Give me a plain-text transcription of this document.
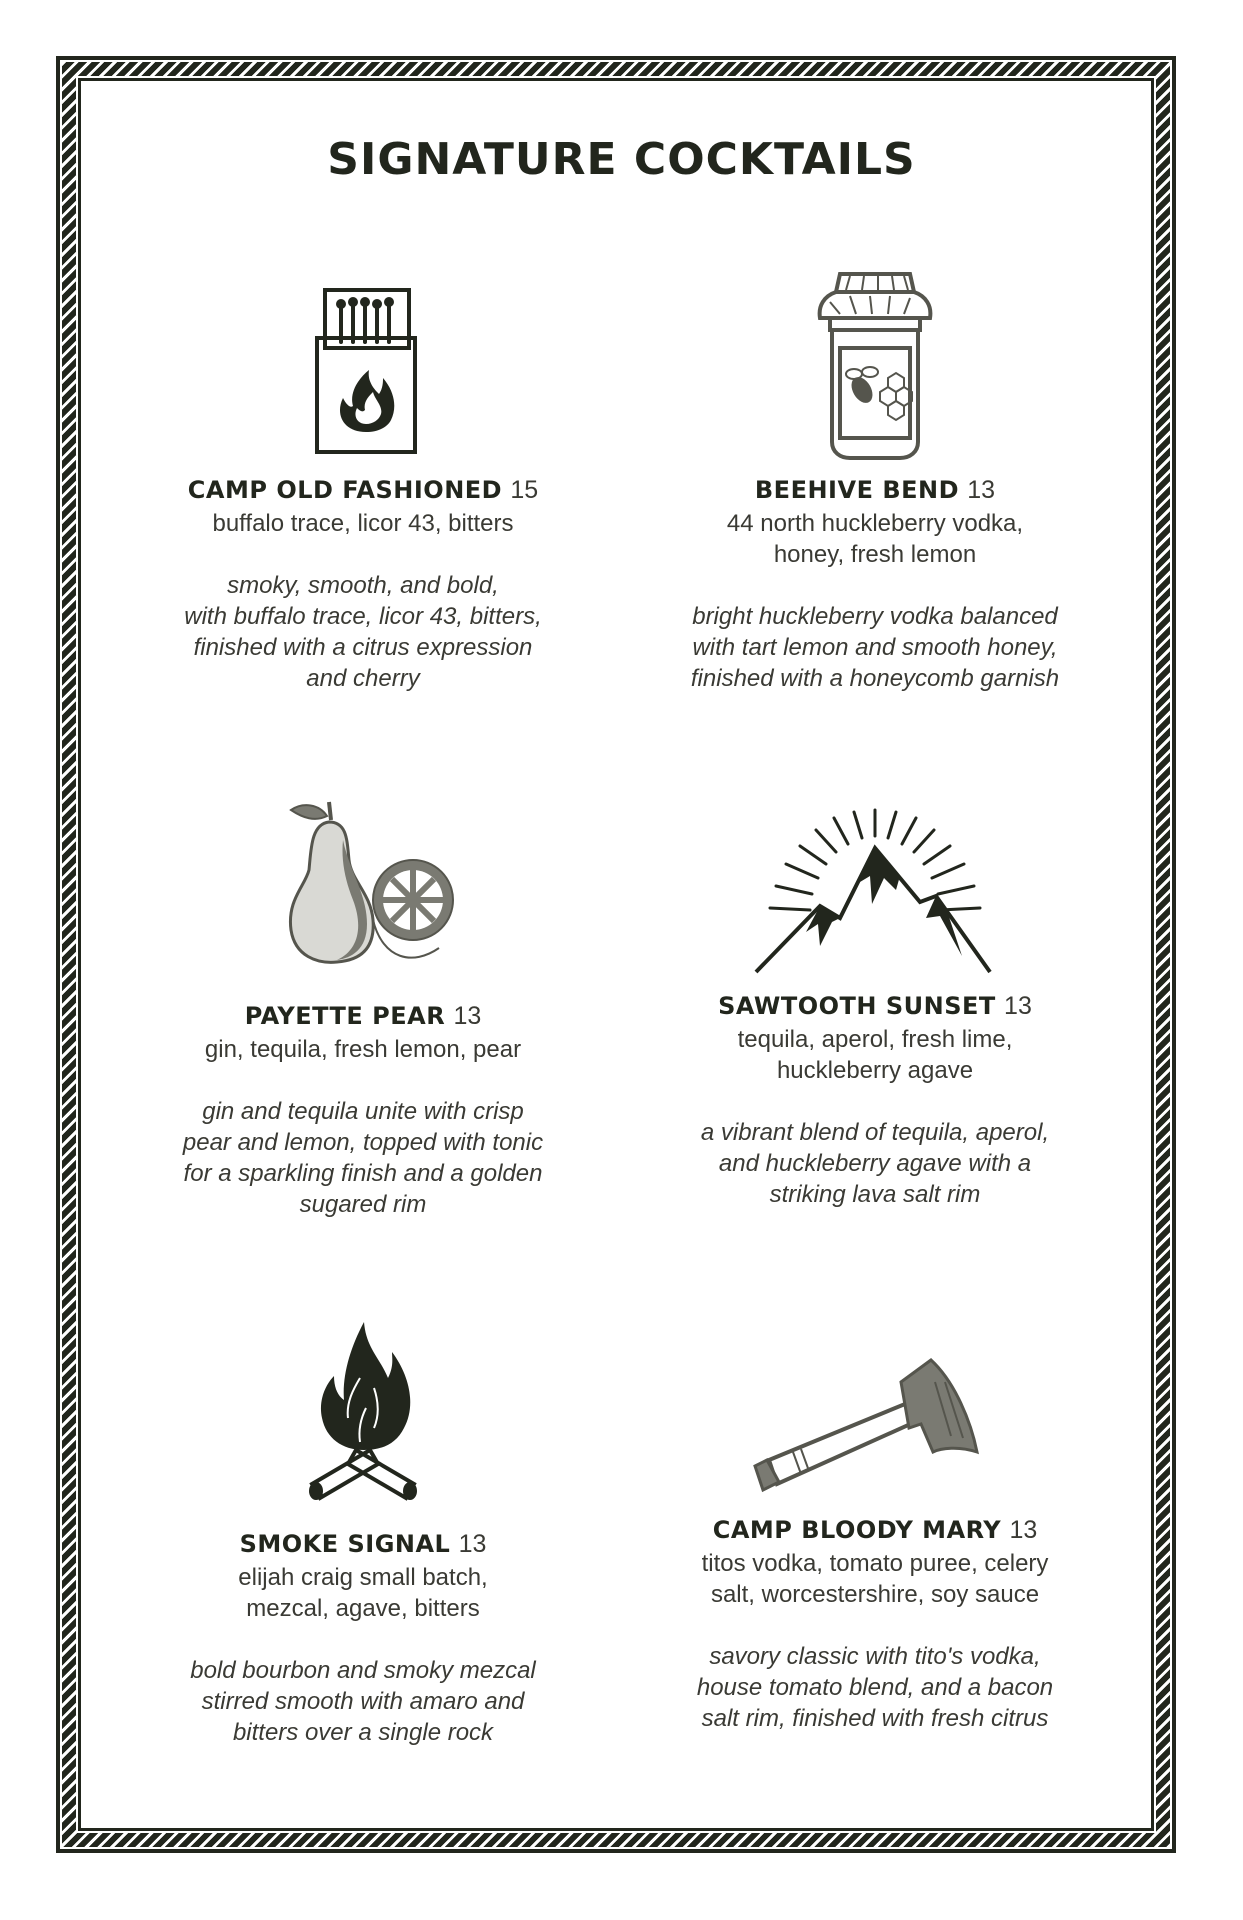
SIGNATURE COCKTAILS
CAMP OLD FASHIONED 15
buffalo trace, licor 43, bitters
smoky, smooth, and bold,
with buffalo trace, licor 43, bitters,
finished with a citrus expression
and cherry
BEEHIVE BEND 13
44 north huckleberry vodka,
honey, fresh lemon
bright huckleberry vodka balanced
with tart lemon and smooth honey,
finished with a honeycomb garnish
PAYETTE PEAR 13
gin, tequila, fresh lemon, pear
gin and tequila unite with crisp
pear and lemon, topped with tonic
for a sparkling finish and a golden
sugared rim
SAWTOOTH SUNSET 13
tequila, aperol, fresh lime,
huckleberry agave
a vibrant blend of tequila, aperol,
and huckleberry agave with a
striking lava salt rim
SMOKE SIGNAL 13
elijah craig small batch,
mezcal, agave, bitters
bold bourbon and smoky mezcal
stirred smooth with amaro and
bitters over a single rock
CAMP BLOODY MARY 13
titos vodka, tomato puree, celery
salt, worcestershire, soy sauce
savory classic with tito's vodka,
house tomato blend, and a bacon
salt rim, finished with fresh citrus
